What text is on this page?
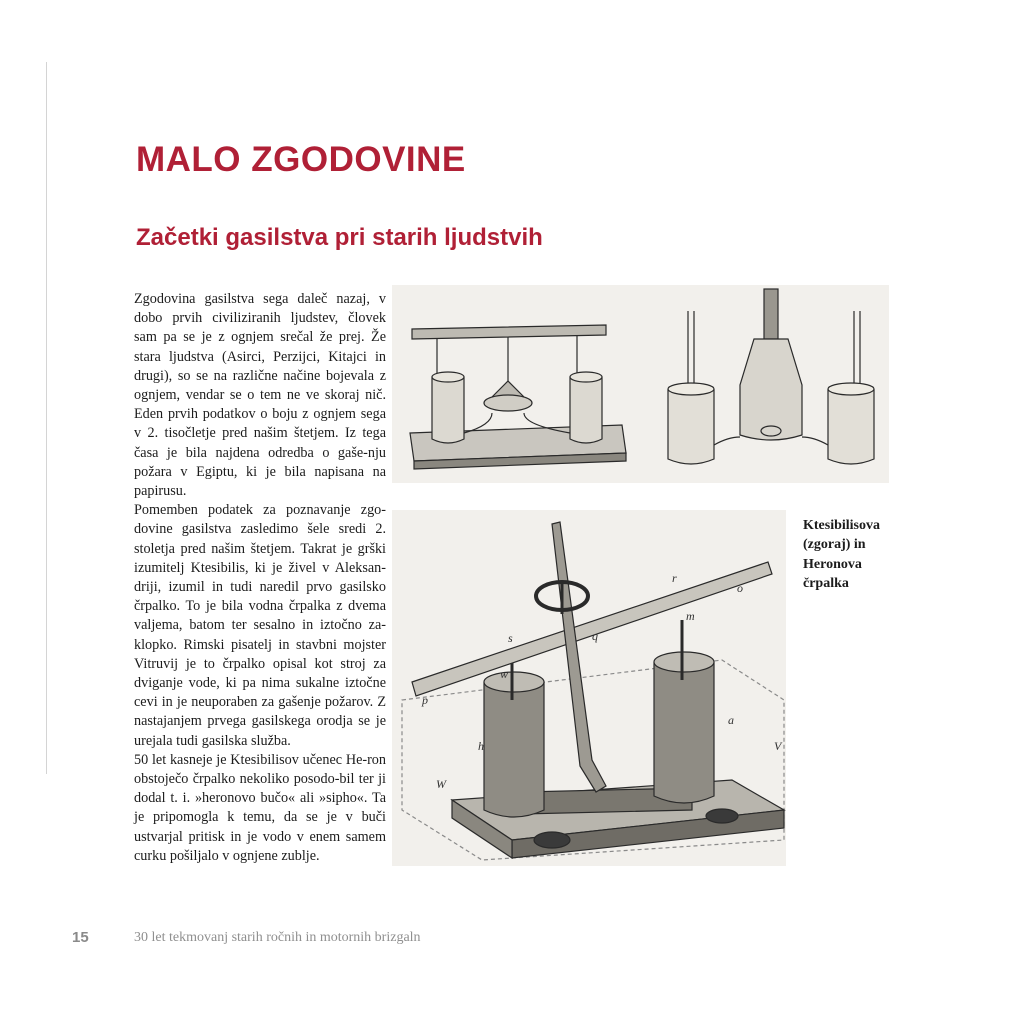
MALO ZGODOVINE
Začetki gasilstva pri starih ljudstvih

Zgodovina gasilstva sega daleč nazaj, v dobo prvih civiliziranih ljudstev, človek sam pa se je z ognjem srečal že prej. Že stara ljudstva (Asirci, Perzijci, Kitajci in drugi), so se na različne načine bojevala z ognjem, vendar se o tem ne ve skoraj nič. Eden prvih podatkov o boju z ognjem sega v 2. tisočletje pred našim štetjem. Iz tega časa je bila najdena odredba o gaše-nju požara v Egiptu, ki je bila napisana na papirusu.

Pomemben podatek za poznavanje zgo-dovine gasilstva zasledimo šele sredi 2. stoletja pred našim štetjem. Takrat je grški izumitelj Ktesibilis, ki je živel v Aleksan-driji, izumil in tudi naredil prvo gasilsko črpalko. To je bila vodna črpalka z dvema valjema, batom ter sesalno in iztočno za-klopko. Rimski pisatelj in stavbni mojster Vitruvij je to črpalko opisal kot stroj za dviganje vode, ki pa nima sukalne iztočne cevi in je neuporaben za gašenje požarov. Z nastajanjem prvega gasilskega orodja se je urejala tudi gasilska služba.

50 let kasneje je Ktesibilisov učenec He-ron obstoječo črpalko nekoliko posodo-bil ter ji dodal t. i. »heronovo bučo« ali »sipho«. Ta je pripomogla k temu, da se je v buči ustvarjal pritisk in je vodo v enem samem curku pošiljalo v ognjene zublje.

s	q
r
o
m
w
h
a
V
W
p
Ktesibilisova (zgoraj) in Heronova črpalka
15	30 let tekmovanj starih ročnih in motornih brizgaln
